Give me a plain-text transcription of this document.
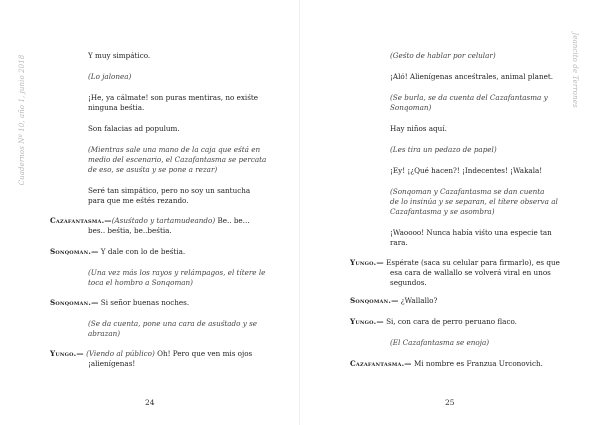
Cuadernos Nº 10, año 1, junio 2018	Y muy simpático.
(Lo jalonea)
¡He, ya cálmate! son puras mentiras, no exiśte
ninguna beśtia.
Son falacias ad populum.
(Mientras sale una mano de la caja que eśtá en
medio del escenario, el Cazafantasma se percata
de eso, se asuśta y se pone a rezar)
Seré tan simpático, pero no soy un santucha
para que me eśtés rezando.
Cazafantasma.—(Asuśtado y tartamudeando) Be.. be…
bes.. beśtia, be..beśtia.
Sonqoman.— Y dale con lo de beśtia.
(Una vez más los rayos y relámpagos, el títere le
toca el hombro a Sonqoman)
Sonqoman.— Si señor buenas noches.
(Se da cuenta, pone una cara de asuśtado y se
abrazan)
Yungo.— (Viendo al público) Oh! Pero que ven mis ojos
¡alienígenas!
24
(Geśto de hablar por celular)
¡Aló! Alienígenas anceśtrales, animal planet.
(Se burla, se da cuenta del Cazafantasma y
Sonqoman)
Hay niños aquí.
(Les tira un pedazo de papel)
¡Ey! ¡¿Qué hacen?! ¡Indecentes! ¡Wakala!
(Sonqoman y Cazafantasma se dan cuenta
de lo insinúa y se separan, el títere observa al
Cazafantasma y se asombra)
¡Waoooo! Nunca había viśto una especie tan
rara.
Yungo.— Espérate (saca su celular para firmarlo), es que
esa cara de wallallo se volverá viral en unos
segundos.
Sonqoman.— ¿Wallallo?
Yungo.— Si, con cara de perro peruano flaco.
(El Cazafantasma se enoja)
Cazafantasma.— Mi nombre es Franzua Urconovich.
25
Jeancito de Terrones
